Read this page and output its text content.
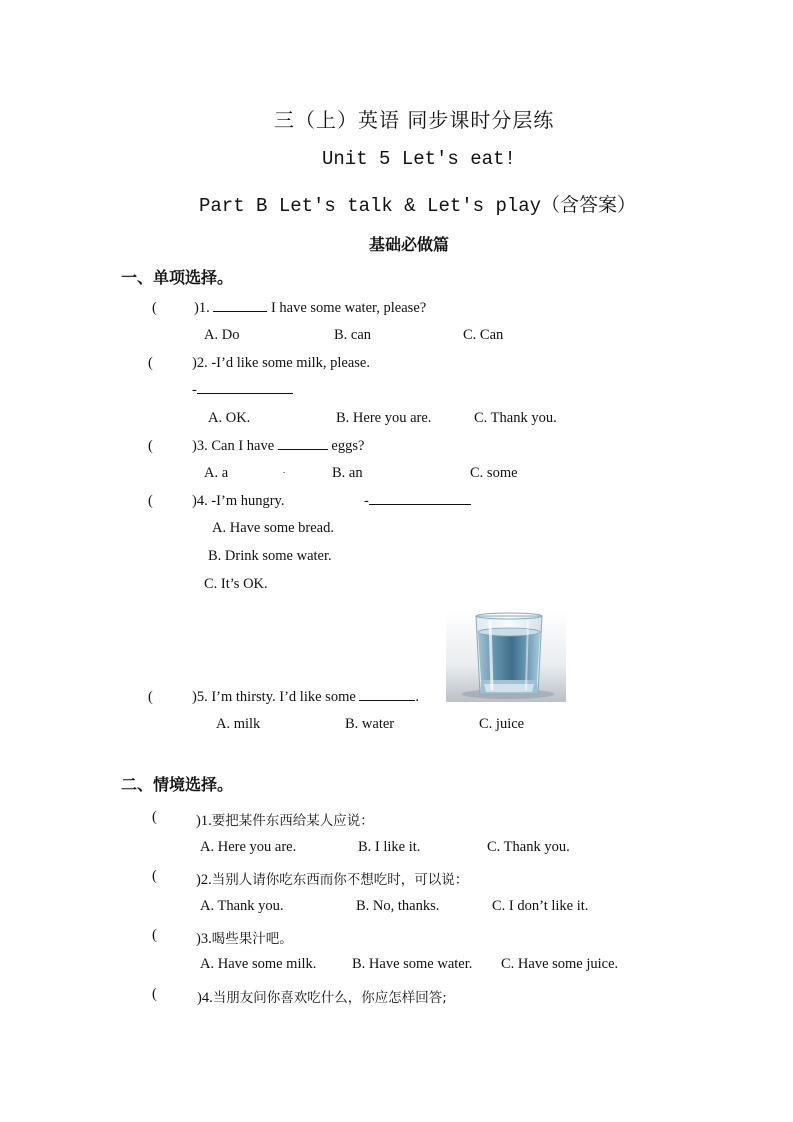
三（上）英语 同步课时分层练
Unit 5 Let's eat!
Part B Let's talk & Let's play（含答案）
基础必做篇
一、单项选择。
(	)1.	I have some water, please?
A. Do	B. can	C. Can
(	)2. -I’d like some milk, please.
-
A. OK.	B. Here you are.	C. Thank you.
(	)3. Can I have	eggs?
A. a	.	B. an	C. some
(	)4. -I’m hungry.	-
A. Have some bread.
B. Drink some water.
C. It’s OK.
(	)5. I’m thirsty. I’d like some	.
A. milk	B. water	C. juice
二、情境选择。
(	)1.要把某件东西给某人应说：
A. Here you are.	B. I like it.	C. Thank you.
(	)2.当别人请你吃东西而你不想吃时，可以说：
A. Thank you.	B. No, thanks.	C. I don’t like it.
(	)3.喝些果汁吧。
A. Have some milk. B. Have some water. C. Have some juice.
(	)4.当朋友问你喜欢吃什么，你应怎样回答;
